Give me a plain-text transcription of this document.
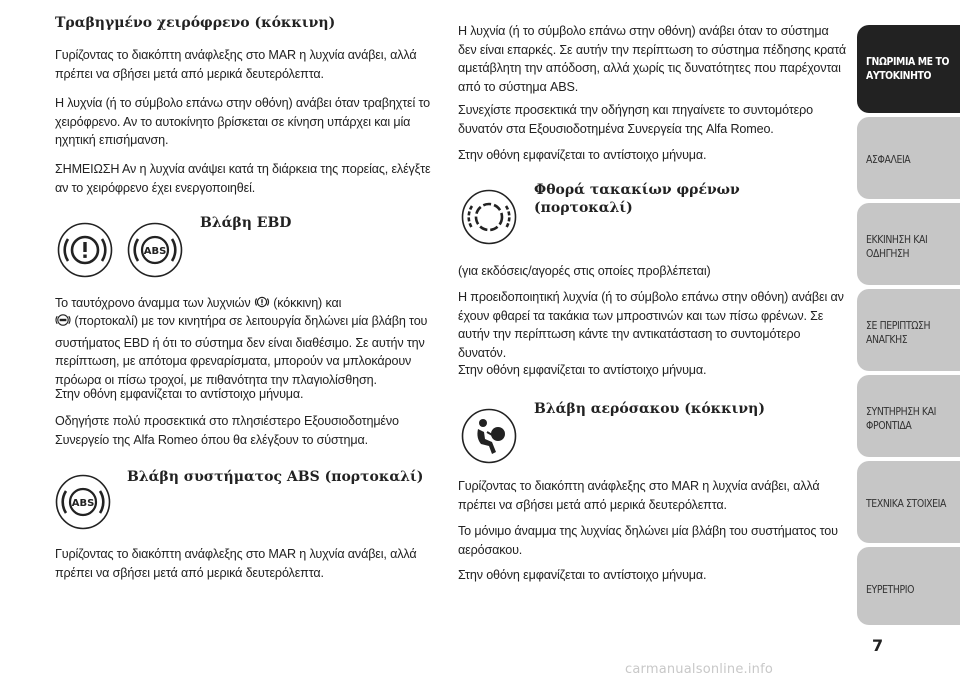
Τραβηγμένο χειρόφρενο (κόκκινη)

Γυρίζοντας το διακόπτη ανάφλεξης στο MAR η λυχνία ανάβει, αλλά πρέπει να σβήσει μετά από μερικά δευτερόλεπτα.

Η λυχνία (ή το σύμβολο επάνω στην οθόνη) ανάβει όταν τραβηχτεί το χειρόφρενο. Αν το αυτοκίνητο βρίσκεται σε κίνηση υπάρχει και μία ηχητική επισήμανση.

ΣΗΜΕΙΩΣΗ Αν η λυχνία ανάψει κατά τη διάρκεια της πορείας, ελέγξτε αν το χειρόφρενο έχει ενεργοποιηθεί.

Βλάβη EBD
ABS

Το ταυτόχρονο άναμμα των λυχνιών (κόκκινη) και

(πορτοκαλί) με τον κινητήρα σε λειτουργία δηλώνει μία βλάβη του συστήματος EBD ή ότι το σύστημα δεν είναι διαθέσιμο. Σε αυτήν την περίπτωση, με απότομα φρεναρίσματα, μπορούν να μπλοκάρουν πρόωρα οι πίσω τροχοί, με πιθανότητα την πλαγιολίσθηση.

Στην οθόνη εμφανίζεται το αντίστοιχο μήνυμα.

Οδηγήστε πολύ προσεκτικά στο πλησιέστερο Εξουσιοδοτημένο Συνεργείο της Alfa Romeo όπου θα ελέγξουν το σύστημα.

Βλάβη συστήματος ABS (πορτοκαλί)
ABS

Γυρίζοντας το διακόπτη ανάφλεξης στο MAR η λυχνία ανάβει, αλλά πρέπει να σβήσει μετά από μερικά δευτερόλεπτα.

Η λυχνία (ή το σύμβολο επάνω στην οθόνη) ανάβει όταν το σύστημα δεν είναι επαρκές. Σε αυτήν την περίπτωση το σύστημα πέδησης κρατά αμετάβλητη την απόδοση, αλλά χωρίς τις δυνατότητες που παρέχονται από το σύστημα ABS.

Συνεχίστε προσεκτικά την οδήγηση και πηγαίνετε το συντομότερο δυνατόν στα Εξουσιοδοτημένα Συνεργεία της Alfa Romeo.

Στην οθόνη εμφανίζεται το αντίστοιχο μήνυμα.

Φθορά τακακίων φρένων (πορτοκαλί)

(για εκδόσεις/αγορές στις οποίες προβλέπεται)

Η προειδοποιητική λυχνία (ή το σύμβολο επάνω στην οθόνη) ανάβει αν έχουν φθαρεί τα τακάκια των μπροστινών και των πίσω φρένων. Σε αυτήν την περίπτωση κάντε την αντικατάσταση το συντομότερο δυνατόν.

Στην οθόνη εμφανίζεται το αντίστοιχο μήνυμα.

Βλάβη αερόσακου (κόκκινη)

Γυρίζοντας το διακόπτη ανάφλεξης στο MAR η λυχνία ανάβει, αλλά πρέπει να σβήσει μετά από μερικά δευτερόλεπτα.

Το μόνιμο άναμμα της λυχνίας δηλώνει μία βλάβη του συστήματος του αερόσακου.

Στην οθόνη εμφανίζεται το αντίστοιχο μήνυμα.

ΓΝΩΡΙΜΙΑ ΜΕ ΤΟ
ΑΥΤΟΚΙΝΗΤΟ
ΑΣΦΑΛΕΙΑ
ΕΚΚΙΝΗΣΗ ΚΑΙ
ΟΔΗΓΗΣΗ
ΣΕ ΠΕΡΙΠΤΩΣΗ
ΑΝΑΓΚΗΣ
ΣΥΝΤΗΡΗΣΗ ΚΑΙ
ΦΡΟΝΤΙΔΑ
ΤΕΧΝΙΚΑ ΣΤΟΙΧΕΙΑ
ΕΥΡΕΤΗΡΙΟ
7
carmanualsonline.info
